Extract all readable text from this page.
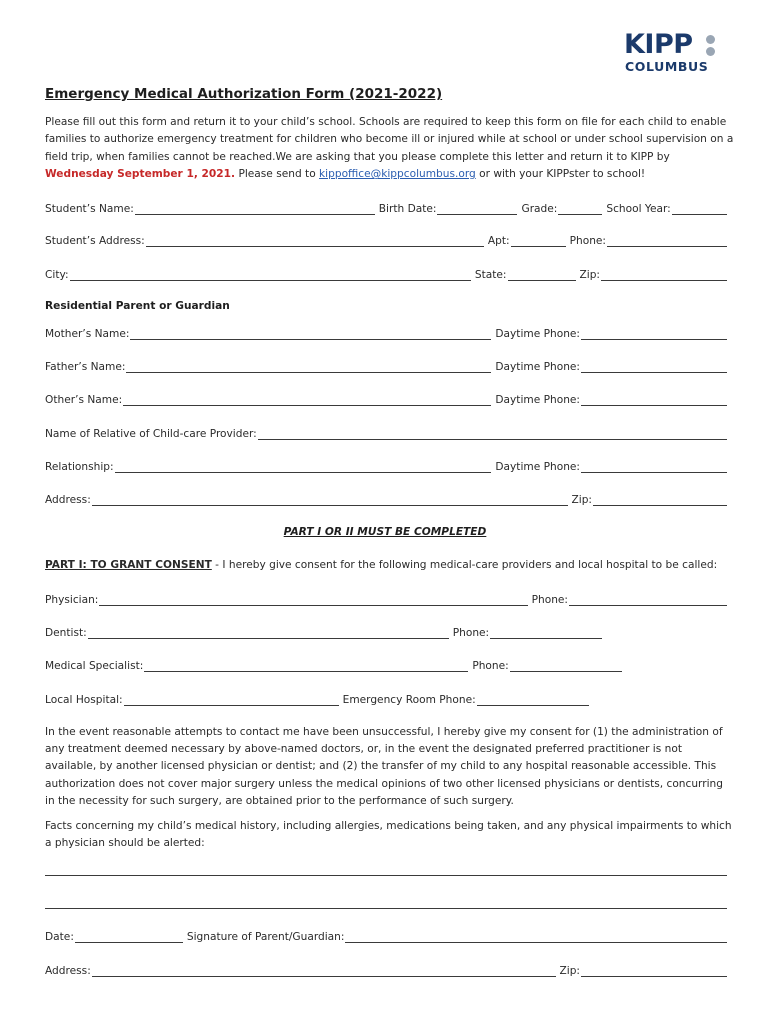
KIPP
COLUMBUS
Emergency Medical Authorization Form (2021-2022)
Please fill out this form and return it to your child’s school. Schools are required to keep this form on file for each child to enable families to authorize emergency treatment for children who become ill or injured while at school or under school supervision on a field trip, when families cannot be reached.We are asking that you please complete this letter and return it to KIPP by Wednesday September 1, 2021. Please send to kippoffice@kippcolumbus.org or with your KIPPster to school!
Student’s Name:	Birth Date:	Grade:	School Year:
Student’s Address:	Apt:	Phone:
City:	State:	Zip:
Residential Parent or Guardian
Mother’s Name:	Daytime Phone:
Father’s Name:	Daytime Phone:
Other’s Name:	Daytime Phone:
Name of Relative of Child-care Provider:
Relationship:	Daytime Phone:
Address:	Zip:
PART I OR II MUST BE COMPLETED
PART I: TO GRANT CONSENT - I hereby give consent for the following medical-care providers and local hospital to be called:
Physician:	Phone:
Dentist:	Phone:
Medical Specialist:	Phone:
Local Hospital:	Emergency Room Phone:
In the event reasonable attempts to contact me have been unsuccessful, I hereby give my consent for (1) the administration of any treatment deemed necessary by above-named doctors, or, in the event the designated preferred practitioner is not available, by another licensed physician or dentist; and (2) the transfer of my child to any hospital reasonable accessible. This authorization does not cover major surgery unless the medical opinions of two other licensed physicians or dentists, concurring in the necessity for such surgery, are obtained prior to the performance of such surgery.
Facts concerning my child’s medical history, including allergies, medications being taken, and any physical impairments to which a physician should be alerted:
Date:	Signature of Parent/Guardian:
Address:	Zip:
